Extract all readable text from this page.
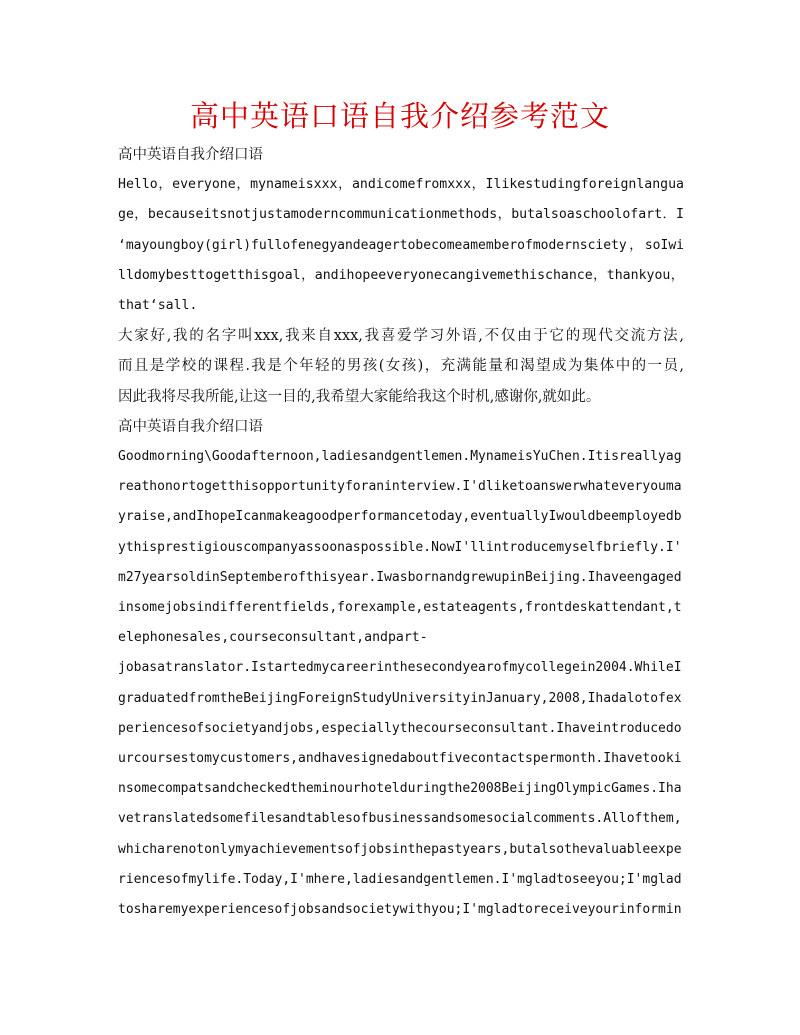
高中英语口语自我介绍参考范文
高中英语自我介绍口语
Hello，everyone，mynameisxxx，andicomefromxxx，Ilikestudingforeignlangua
ge，becauseitsnotjustamoderncommunicationmethods，butalsoaschoolofart．I
‘mayoungboy(girl)fullofenegyandeagertobecomeamemberofmodernsciety，soIwi
lldomybesttogetthisgoal，andihopeeveryonecangivemethischance，thankyou，
that‘sall.
大家好,我的名字叫xxx,我来自xxx,我喜爱学习外语,不仅由于它的现代交流方法,
而且是学校的课程.我是个年轻的男孩(女孩)，充满能量和渴望成为集体中的一员,
因此我将尽我所能,让这一目的,我希望大家能给我这个时机,感谢你,就如此。
高中英语自我介绍口语
Goodmorning\Goodafternoon,ladiesandgentlemen.MynameisYuChen.Itisreallyag
reathonortogetthisopportunityforaninterview.I'dliketoanswerwhateveryouma
yraise,andIhopeIcanmakeagoodperformancetoday,eventuallyIwouldbeemployedb
ythisprestigiouscompanyassoonaspossible.NowI'llintroducemyselfbriefly.I'
m27yearsoldinSeptemberofthisyear.IwasbornandgrewupinBeijing.Ihaveengaged
insomejobsindifferentfields,forexample,estateagents,frontdeskattendant,t
elephonesales,courseconsultant,andpart-
jobasatranslator.Istartedmycareerinthesecondyearofmycollegein2004.WhileI
graduatedfromtheBeijingForeignStudyUniversityinJanuary,2008,Ihadalotofex
periencesofsocietyandjobs,especiallythecourseconsultant.Ihaveintroducedo
urcoursestomycustomers,andhavesignedaboutfivecontactspermonth.Ihavetooki
nsomecompatsandcheckedtheminourhotelduringthe2008BeijingOlympicGames.Iha
vetranslatedsomefilesandtablesofbusinessandsomesocialcomments.Allofthem,
whicharenotonlymyachievementsofjobsinthepastyears,butalsothevaluableexpe
riencesofmylife.Today,I'mhere,ladiesandgentlemen.I'mgladtoseeyou;I'mglad
tosharemyexperiencesofjobsandsocietywithyou;I'mgladtoreceiveyourinformin
